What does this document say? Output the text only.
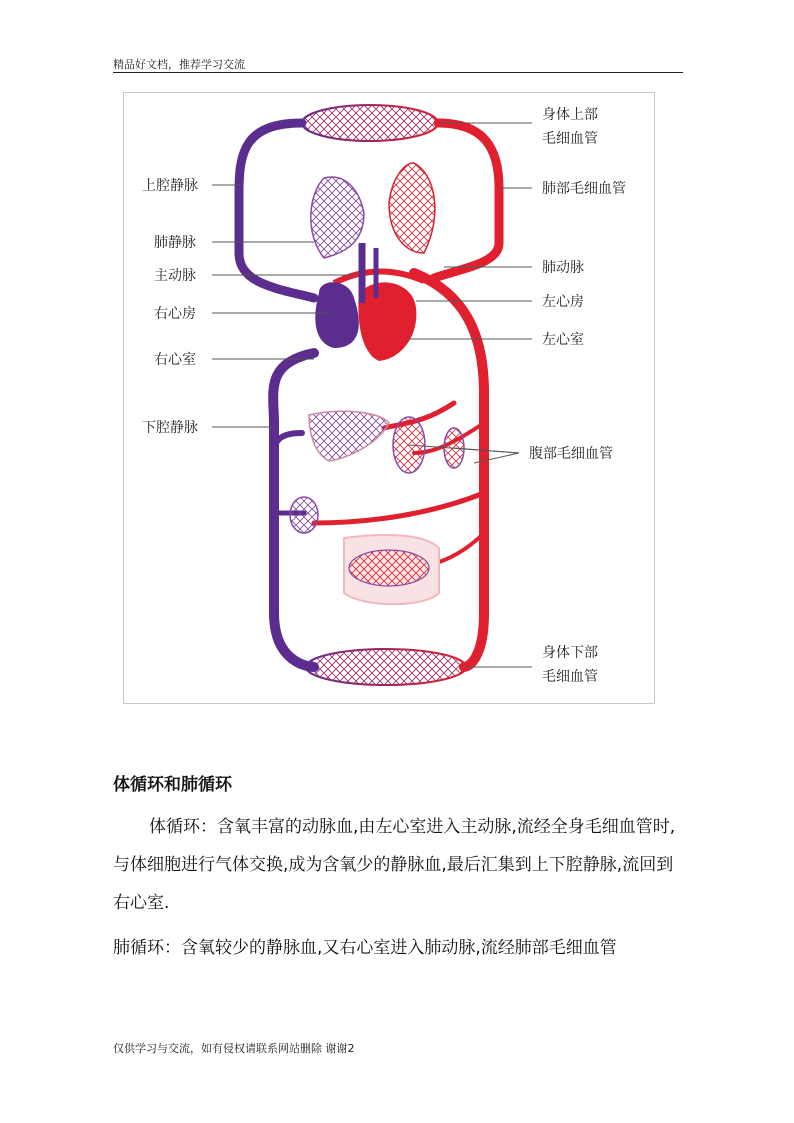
精品好文档，推荐学习交流
上腔静脉
肺静脉
主动脉
右心房
右心室
下腔静脉
身体上部
毛细血管
肺部毛细血管
肺动脉
左心房
左心室
腹部毛细血管
身体下部
毛细血管
体循环和肺循环
体循环：含氧丰富的动脉血,由左心室进入主动脉,流经全身毛细血管时,与体细胞进行气体交换,成为含氧少的静脉血,最后汇集到上下腔静脉,流回到右心室.
肺循环：含氧较少的静脉血,又右心室进入肺动脉,流经肺部毛细血管
仅供学习与交流，如有侵权请联系网站删除 谢谢2
